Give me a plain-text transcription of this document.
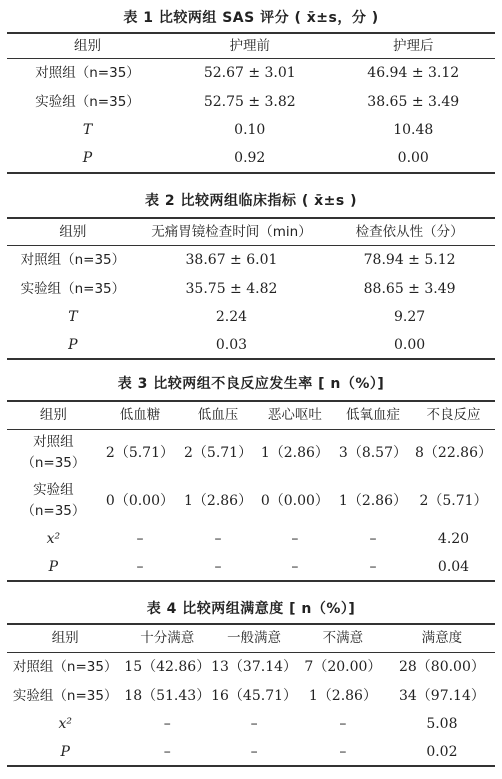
表 1 比较两组 SAS 评分 ( x̄±s，分 )
组别	护理前	护理后
对照组（n=35）	52.67 ± 3.01	46.94 ± 3.12
实验组（n=35）	52.75 ± 3.82	38.65 ± 3.49
T	0.10	10.48
P	0.92	0.00
表 2 比较两组临床指标 ( x̄±s )
组别	无痛胃镜检查时间（min）	检查依从性（分）
对照组（n=35）	38.67 ± 6.01	78.94 ± 5.12
实验组（n=35）	35.75 ± 4.82	88.65 ± 3.49
T	2.24	9.27
P	0.03	0.00
表 3 比较两组不良反应发生率 [ n（%）]
组别	低血糖	低血压	恶心呕吐	低氧血症	不良反应
对照组（n=35）	2（5.71）	2（5.71）	1（2.86）	3（8.57）	8（22.86）
实验组（n=35）	0（0.00）	1（2.86）	0（0.00）	1（2.86）	2（5.71）
x²	–	–	–	–	4.20
P	–	–	–	–	0.04
表 4 比较两组满意度 [ n（%）]
组别	十分满意	一般满意	不满意	满意度
对照组（n=35）	15（42.86）	13（37.14）	7（20.00）	28（80.00）
实验组（n=35）	18（51.43）	16（45.71）	1（2.86）	34（97.14）
x²	–	–	–	5.08
P	–	–	–	0.02
